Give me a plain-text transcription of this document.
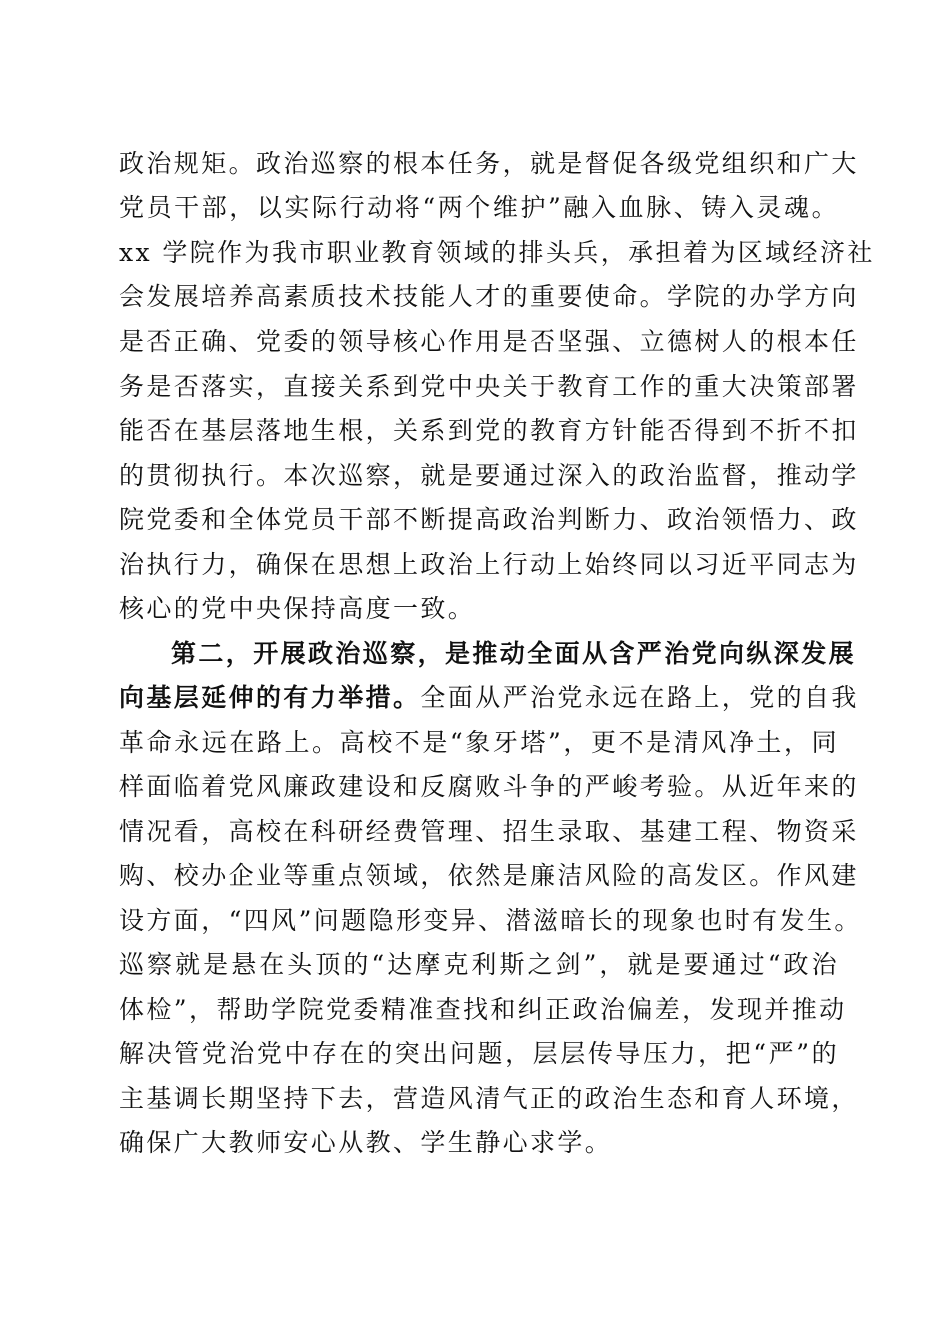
政治规矩。政治巡察的根本任务，就是督促各级党组织和广大
党员干部，以实际行动将“两个维护”融入血脉、铸入灵魂。
xx 学院作为我市职业教育领域的排头兵，承担着为区域经济社
会发展培养高素质技术技能人才的重要使命。学院的办学方向
是否正确、党委的领导核心作用是否坚强、立德树人的根本任
务是否落实，直接关系到党中央关于教育工作的重大决策部署
能否在基层落地生根，关系到党的教育方针能否得到不折不扣
的贯彻执行。本次巡察，就是要通过深入的政治监督，推动学
院党委和全体党员干部不断提高政治判断力、政治领悟力、政
治执行力，确保在思想上政治上行动上始终同以习近平同志为
核心的党中央保持高度一致。
第二，开展政治巡察，是推动全面从含严治党向纵深发展
向基层延伸的有力举措。全面从严治党永远在路上，党的自我
革命永远在路上。高校不是“象牙塔”，更不是清风净土，同
样面临着党风廉政建设和反腐败斗争的严峻考验。从近年来的
情况看，高校在科研经费管理、招生录取、基建工程、物资采
购、校办企业等重点领域，依然是廉洁风险的高发区。作风建
设方面，“四风”问题隐形变异、潜滋暗长的现象也时有发生。
巡察就是悬在头顶的“达摩克利斯之剑”，就是要通过“政治
体检”，帮助学院党委精准查找和纠正政治偏差，发现并推动
解决管党治党中存在的突出问题，层层传导压力，把“严”的
主基调长期坚持下去，营造风清气正的政治生态和育人环境，
确保广大教师安心从教、学生静心求学。
